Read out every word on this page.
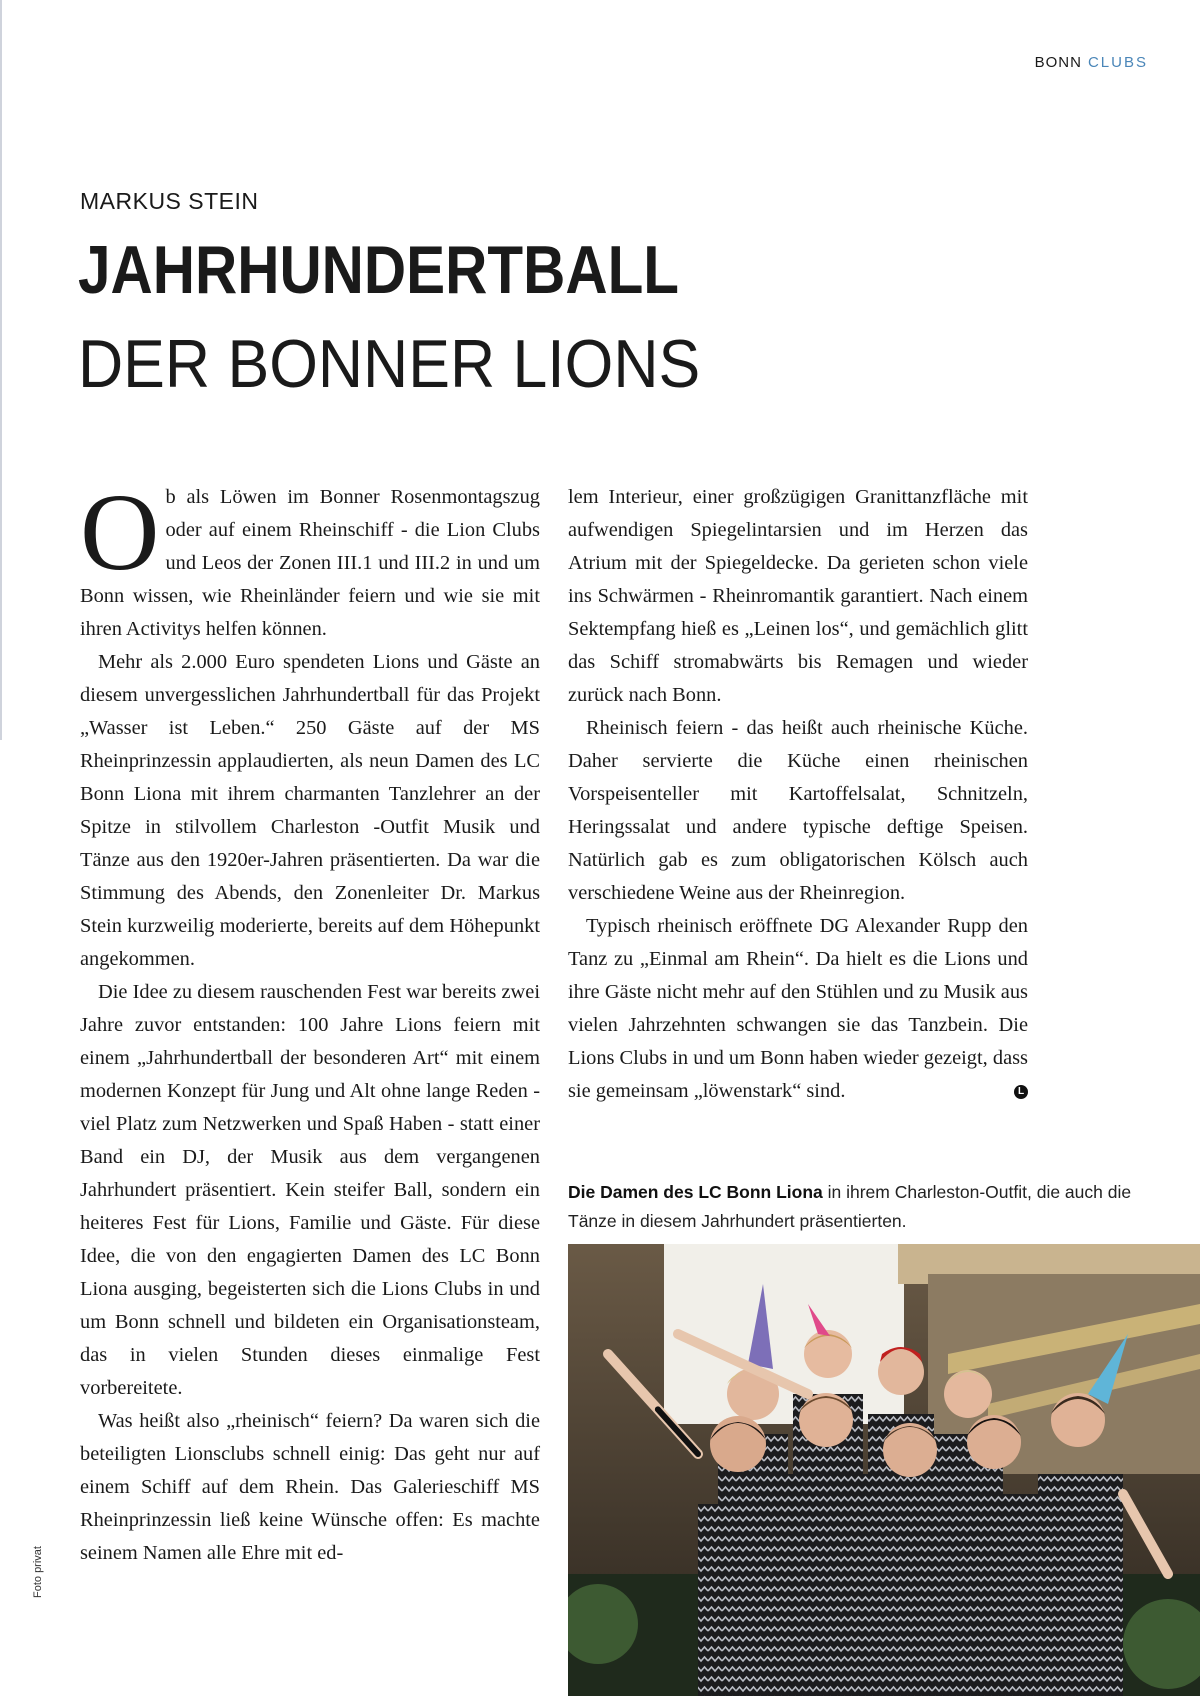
BONN CLUBS
MARKUS STEIN
JAHRHUNDERTBALL
DER BONNER LIONS

Ob als Löwen im Bonner Rosenmontagszug oder auf einem Rheinschiff - die Lion Clubs und Leos der Zonen III.1 und III.2 in und um Bonn wissen, wie Rheinländer feiern und wie sie mit ihren Activitys helfen können.

Mehr als 2.000 Euro spendeten Lions und Gäste an diesem unvergesslichen Jahrhundertball für das Projekt „Wasser ist Leben.“ 250 Gäste auf der MS Rheinprinzessin applaudierten, als neun Damen des LC Bonn Liona mit ihrem charmanten Tanzlehrer an der Spitze in stilvollem Charleston -Outfit Musik und Tänze aus den 1920er-Jahren präsentierten. Da war die Stimmung des Abends, den Zonenleiter Dr. Markus Stein kurzweilig moderierte, bereits auf dem Höhepunkt angekommen.

Die Idee zu diesem rauschenden Fest war bereits zwei Jahre zuvor entstanden: 100 Jahre Lions feiern mit einem „Jahrhundertball der besonderen Art“ mit einem modernen Konzept für Jung und Alt ohne lange Reden - viel Platz zum Netzwerken und Spaß Haben - statt einer Band ein DJ, der Musik aus dem vergangenen Jahrhundert präsentiert. Kein steifer Ball, sondern ein heiteres Fest für Lions, Familie und Gäste. Für diese Idee, die von den engagierten Damen des LC Bonn Liona ausging, begeisterten sich die Lions Clubs in und um Bonn schnell und bildeten ein Organisationsteam, das in vielen Stunden dieses einmalige Fest vorbereitete.

Was heißt also „rheinisch“ feiern? Da waren sich die beteiligten Lionsclubs schnell einig: Das geht nur auf einem Schiff auf dem Rhein. Das Galerieschiff MS Rheinprinzessin ließ keine Wünsche offen: Es machte seinem Namen alle Ehre mit ed-

lem Interieur, einer großzügigen Granittanzfläche mit aufwendigen Spiegelintarsien und im Herzen das Atrium mit der Spiegeldecke. Da gerieten schon viele ins Schwärmen - Rheinromantik garantiert. Nach einem Sektempfang hieß es „Leinen los“, und gemächlich glitt das Schiff stromabwärts bis Remagen und wieder zurück nach Bonn.

Rheinisch feiern - das heißt auch rheinische Küche. Daher servierte die Küche einen rheinischen Vorspeisenteller mit Kartoffelsalat, Schnitzeln, Heringssalat und andere typische deftige Speisen. Natürlich gab es zum obligatorischen Kölsch auch verschiedene Weine aus der Rheinregion.

Typisch rheinisch eröffnete DG Alexander Rupp den Tanz zu „Einmal am Rhein“. Da hielt es die Lions und ihre Gäste nicht mehr auf den Stühlen und zu Musik aus vielen Jahrzehnten schwangen sie das Tanzbein. Die Lions Clubs in und um Bonn haben wieder gezeigt, dass sie gemeinsam „löwenstark“ sind.	L

Die Damen des LC Bonn Liona in ihrem Charleston-Outfit, die auch die Tänze in diesem Jahrhundert präsentierten.
Foto privat
